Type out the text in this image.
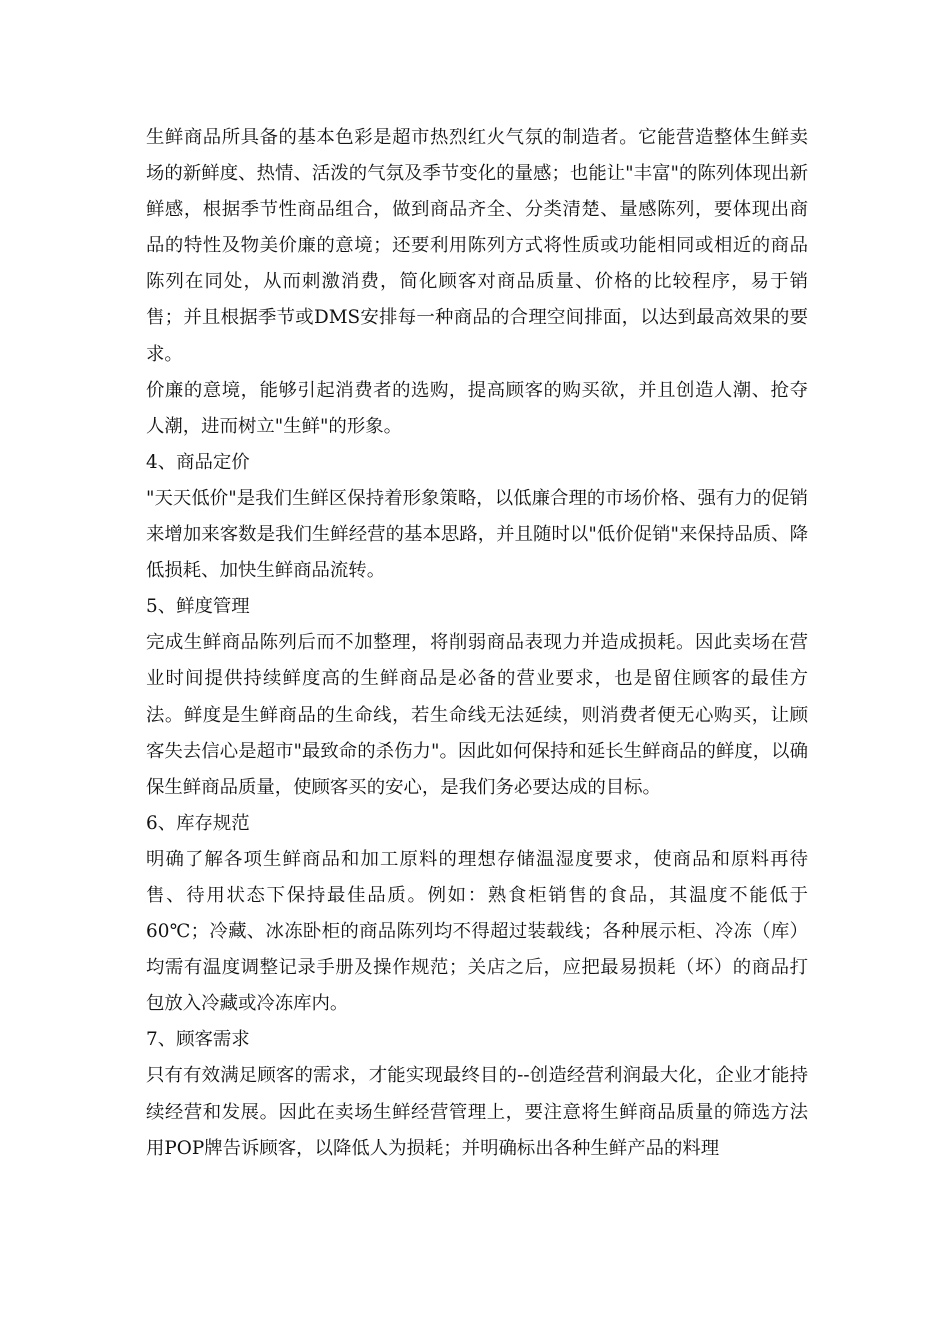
生鲜商品所具备的基本色彩是超市热烈红火气氛的制造者。它能营造整体生鲜卖场的新鲜度、热情、活泼的气氛及季节变化的量感；也能让"丰富"的陈列体现出新鲜感，根据季节性商品组合，做到商品齐全、分类清楚、量感陈列，要体现出商品的特性及物美价廉的意境；还要利用陈列方式将性质或功能相同或相近的商品陈列在同处，从而刺激消费，简化顾客对商品质量、价格的比较程序，易于销售；并且根据季节或DMS安排每一种商品的合理空间排面，以达到最高效果的要求。

价廉的意境，能够引起消费者的选购，提高顾客的购买欲，并且创造人潮、抢夺人潮，进而树立"生鲜"的形象。

4、商品定价

"天天低价"是我们生鲜区保持着形象策略，以低廉合理的市场价格、强有力的促销来增加来客数是我们生鲜经营的基本思路，并且随时以"低价促销"来保持品质、降低损耗、加快生鲜商品流转。

5、鲜度管理

完成生鲜商品陈列后而不加整理，将削弱商品表现力并造成损耗。因此卖场在营业时间提供持续鲜度高的生鲜商品是必备的营业要求，也是留住顾客的最佳方法。鲜度是生鲜商品的生命线，若生命线无法延续，则消费者便无心购买，让顾客失去信心是超市"最致命的杀伤力"。因此如何保持和延长生鲜商品的鲜度，以确保生鲜商品质量，使顾客买的安心，是我们务必要达成的目标。

6、库存规范

明确了解各项生鲜商品和加工原料的理想存储温湿度要求，使商品和原料再待售、待用状态下保持最佳品质。例如：熟食柜销售的食品，其温度不能低于60℃；冷藏、冰冻卧柜的商品陈列均不得超过装载线；各种展示柜、冷冻（库）均需有温度调整记录手册及操作规范；关店之后，应把最易损耗（坏）的商品打包放入冷藏或冷冻库内。

7、顾客需求

只有有效满足顾客的需求，才能实现最终目的--创造经营利润最大化，企业才能持续经营和发展。因此在卖场生鲜经营管理上，要注意将生鲜商品质量的筛选方法用POP牌告诉顾客，以降低人为损耗；并明确标出各种生鲜产品的料理
